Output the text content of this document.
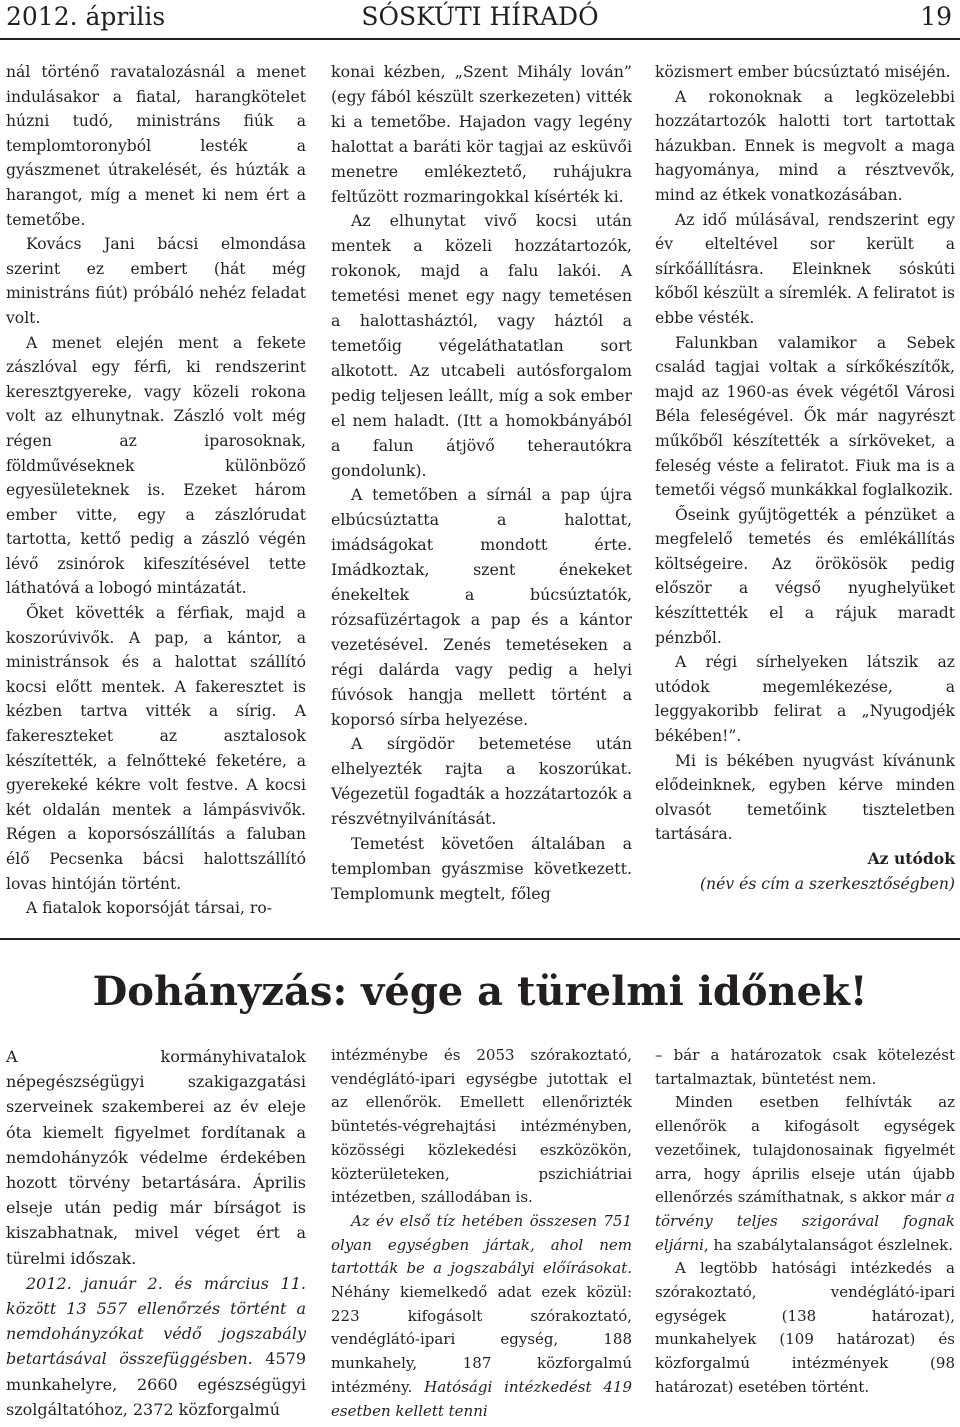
2012. április	SÓSKÚTI HÍRADÓ	19

nál történő ravatalozásnál a menet indulásakor a fiatal, harangkötelet húzni tudó, ministráns fiúk a templomtoronyból lesték a gyászmenet útrakelését, és húzták a harangot, míg a menet ki nem ért a temetőbe.

Kovács Jani bácsi elmondása szerint ez embert (hát még ministráns fiút) próbáló nehéz feladat volt.

A menet elején ment a fekete zászlóval egy férfi, ki rendszerint keresztgyereke, vagy közeli rokona volt az elhunytnak. Zászló volt még régen az iparosoknak, földművéseknek különböző egyesületeknek is. Ezeket három ember vitte, egy a zászlórudat tartotta, kettő pedig a zászló végén lévő zsinórok kifeszítésével tette láthatóvá a lobogó mintázatát.

Őket követték a férfiak, majd a koszorúvivők. A pap, a kántor, a ministránsok és a halottat szállító kocsi előtt mentek. A fakeresztet is kézben tartva vitték a sírig. A fakereszteket az asztalosok készítették, a felnőtteké feketére, a gyerekeké kékre volt festve. A kocsi két oldalán mentek a lámpásvivők. Régen a koporsószállítás a faluban élő Pecsenka bácsi halottszállító lovas hintóján történt.

A fiatalok koporsóját társai, ro-

konai kézben, „Szent Mihály lován” (egy fából készült szerkezeten) vitték ki a temetőbe. Hajadon vagy legény halottat a baráti kör tagjai az esküvői menetre emlékeztető, ruhájukra feltűzött rozmaringokkal kísérték ki.

Az elhunytat vivő kocsi után mentek a közeli hozzátartozók, rokonok, majd a falu lakói. A temetési menet egy nagy temetésen a halottasháztól, vagy háztól a temetőig végeláthatatlan sort alkotott. Az utcabeli autósforgalom pedig teljesen leállt, míg a sok ember el nem haladt. (Itt a homokbányából a falun átjövő teherautókra gondolunk).

A temetőben a sírnál a pap újra elbúcsúztatta a halottat, imádságokat mondott érte. Imádkoztak, szent énekeket énekeltek a búcsúztatók, rózsafüzértagok a pap és a kántor vezetésével. Zenés temetéseken a régi dalárda vagy pedig a helyi fúvósok hangja mellett történt a koporsó sírba helyezése.

A sírgödör betemetése után elhelyezték rajta a koszorúkat. Végezetül fogadták a hozzátartozók a részvétnyilvánítását.

Temetést követően általában a templomban gyászmise következett. Templomunk megtelt, főleg

közismert ember búcsúztató miséjén.

A rokonoknak a legközelebbi hozzátartozók halotti tort tartottak házukban. Ennek is megvolt a maga hagyománya, mind a résztvevők, mind az étkek vonatkozásában.

Az idő múlásával, rendszerint egy év elteltével sor került a sírkőállításra. Eleinknek sóskúti kőből készült a síremlék. A feliratot is ebbe vésték.

Falunkban valamikor a Sebek család tagjai voltak a sírkőkészítők, majd az 1960-as évek végétől Városi Béla feleségével. Ők már nagyrészt műkőből készítették a sírköveket, a feleség véste a feliratot. Fiuk ma is a temetői végső munkákkal foglalkozik.

Őseink gyűjtögették a pénzüket a megfelelő temetés és emlékállítás költségeire. Az örökösök pedig először a végső nyughelyüket készíttették el a rájuk maradt pénzből.

A régi sírhelyeken látszik az utódok megemlékezése, a leggyakoribb felirat a „Nyugodjék békében!”.

Mi is békében nyugvást kívánunk elődeinknek, egyben kérve minden olvasót temetőink tiszteletben tartására.

Az utódok

(név és cím a szerkesztőségben)

Dohányzás: vége a türelmi időnek!

A kormányhivatalok népegészségügyi szakigazgatási szerveinek szakemberei az év eleje óta kiemelt figyelmet fordítanak a nemdohányzók védelme érdekében hozott törvény betartására. Április elseje után pedig már bírságot is kiszabhatnak, mivel véget ért a türelmi időszak.

2012. január 2. és március 11. között 13 557 ellenőrzés történt a nemdohányzókat védő jogszabály betartásával összefüggésben. 4579 munkahelyre, 2660 egészségügyi szolgáltatóhoz, 2372 közforgalmú

intézménybe és 2053 szórakoztató, vendéglátó-ipari egységbe jutottak el az ellenőrök. Emellett ellenőrizték büntetés-végrehajtási intézményben, közösségi közlekedési eszközökön, közterületeken, pszichiátriai intézetben, szállodában is.

Az év első tíz hetében összesen 751 olyan egységben jártak, ahol nem tartották be a jogszabályi előírásokat. Néhány kiemelkedő adat ezek közül: 223 kifogásolt szórakoztató, vendéglátó-ipari egység, 188 munkahely, 187 közforgalmú intézmény. Hatósági intézkedést 419 esetben kellett tenni

– bár a határozatok csak kötelezést tartalmaztak, büntetést nem.

Minden esetben felhívták az ellenőrök a kifogásolt egységek vezetőinek, tulajdonosainak figyelmét arra, hogy április elseje után újabb ellenőrzés számíthatnak, s akkor már a törvény teljes szigorával fognak eljárni, ha szabálytalanságot észlelnek.

A legtöbb hatósági intézkedés a szórakoztató, vendéglátó-ipari egységek (138 határozat), munkahelyek (109 határozat) és közforgalmú intézmények (98 határozat) esetében történt.
